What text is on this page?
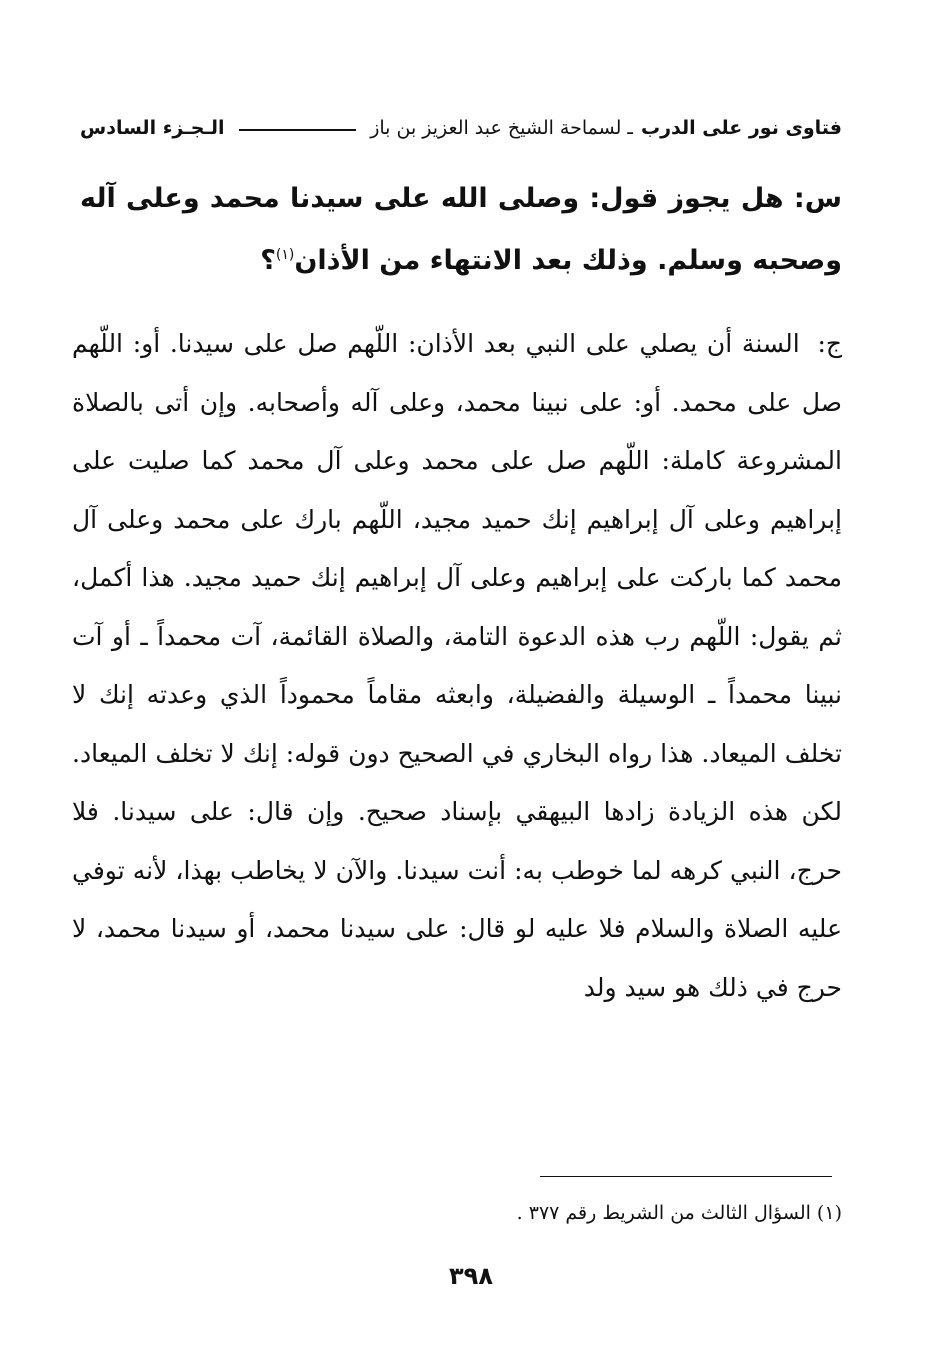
فتاوى نور على الدرب
ـ لسماحة الشيخ عبد العزيز بن باز
الـجـزء السادس
س: هل يجوز قول: وصلى الله على سيدنا محمد وعلى آله وصحبه وسلم. وذلك بعد الانتهاء من الأذان$^{(١)}$؟

ج: السنة أن يصلي على النبي بعد الأذان: اللّهم صل على سيدنا. أو: اللّهم صل على محمد. أو: على نبينا محمد، وعلى آله وأصحابه. وإن أتى بالصلاة المشروعة كاملة: اللّهم صل على محمد وعلى آل محمد كما صليت على إبراهيم وعلى آل إبراهيم إنك حميد مجيد، اللّهم بارك على محمد وعلى آل محمد كما باركت على إبراهيم وعلى آل إبراهيم إنك حميد مجيد. هذا أكمل، ثم يقول: اللّهم رب هذه الدعوة التامة، والصلاة القائمة، آت محمداً ـ أو آت نبينا محمداً ـ الوسيلة والفضيلة، وابعثه مقاماً محموداً الذي وعدته إنك لا تخلف الميعاد. هذا رواه البخاري في الصحيح دون قوله: إنك لا تخلف الميعاد. لكن هذه الزيادة زادها البيهقي بإسناد صحيح. وإن قال: على سيدنا. فلا حرج، النبي كرهه لما خوطب به: أنت سيدنا. والآن لا يخاطب بهذا، لأنه توفي عليه الصلاة والسلام فلا عليه لو قال: على سيدنا محمد، أو سيدنا محمد، لا حرج في ذلك هو سيد ولد

(١) السؤال الثالث من الشريط رقم ٣٧٧ .
٣٩٨
